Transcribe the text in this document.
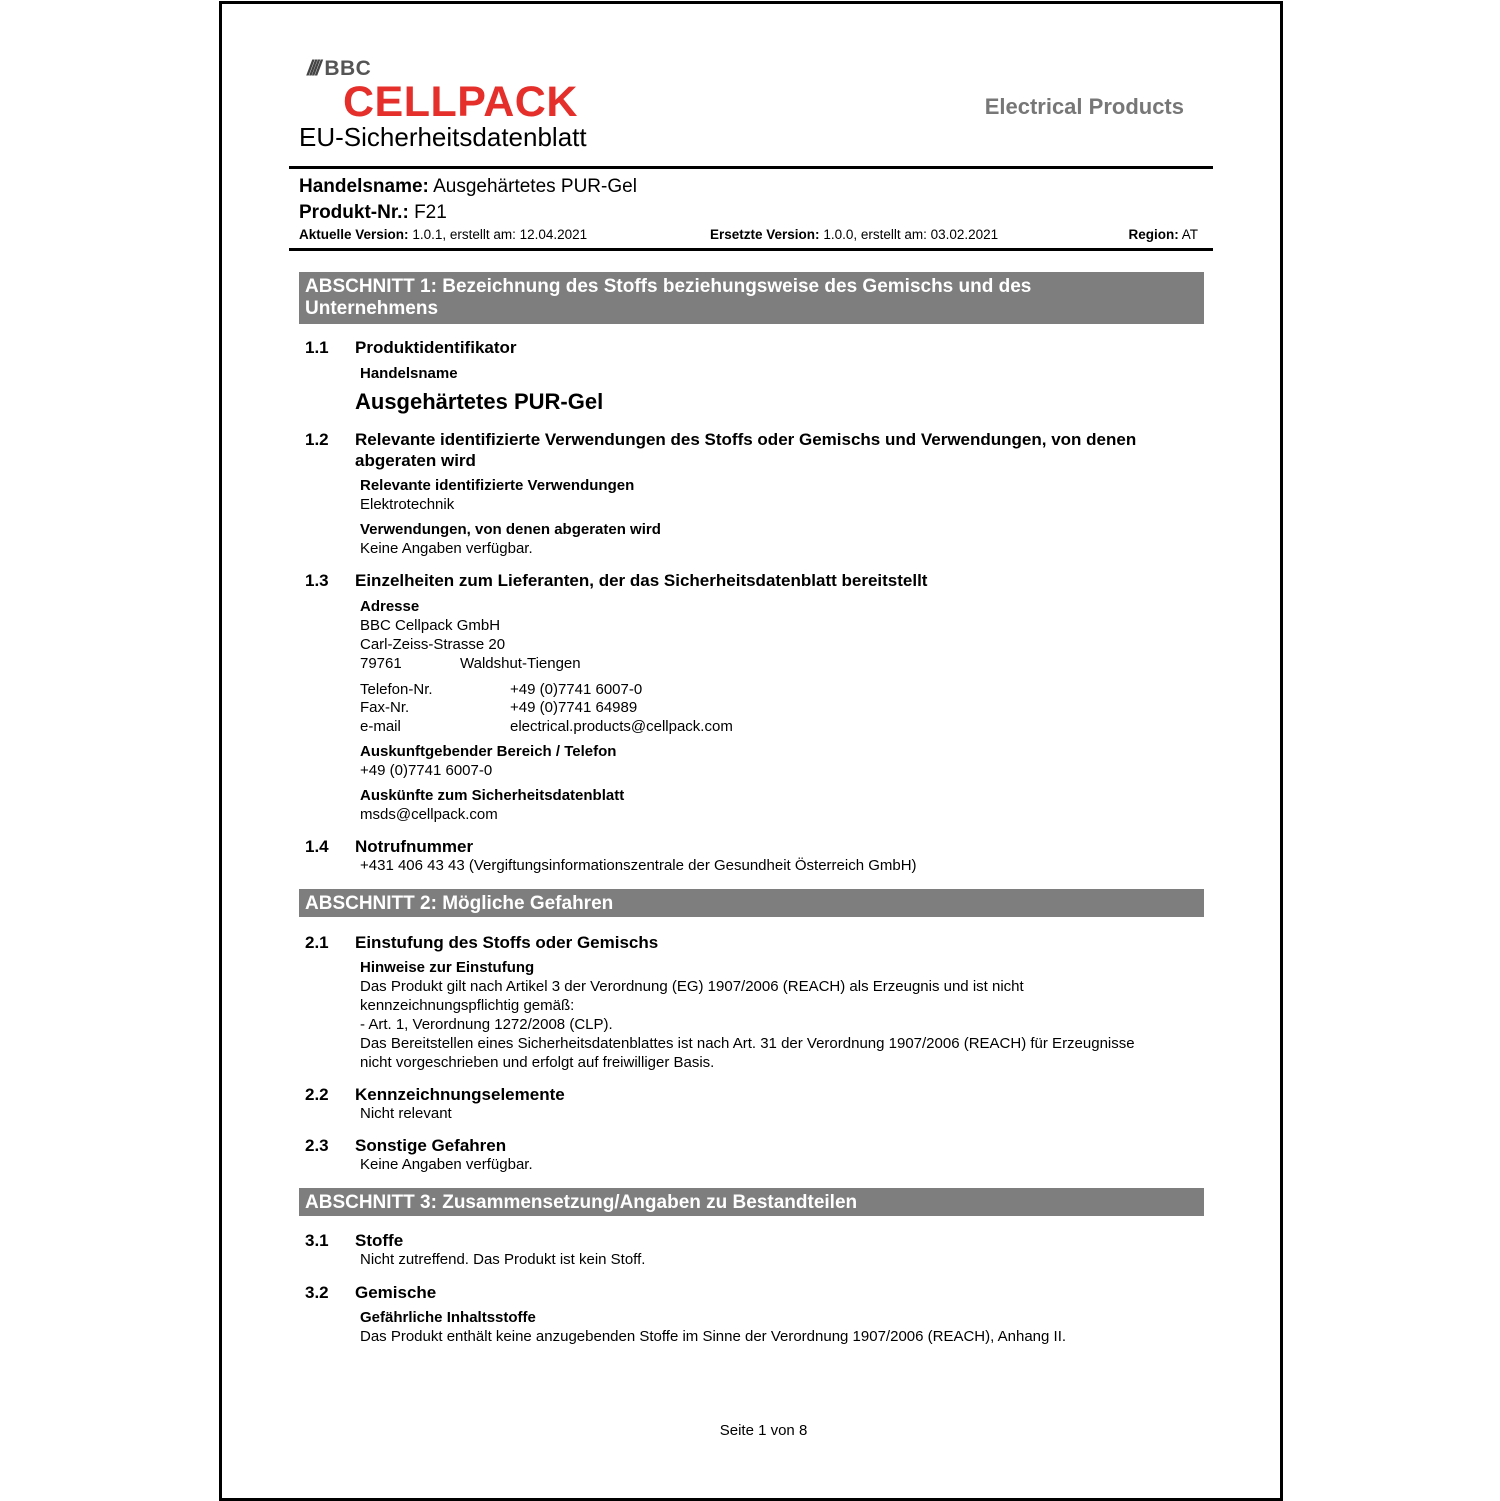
//// BBC
CELLPACK
EU-Sicherheitsdatenblatt
Electrical Products
Handelsname: Ausgehärtetes PUR-Gel
Produkt-Nr.: F21
Aktuelle Version: 1.0.1, erstellt am: 12.04.2021	Ersetzte Version: 1.0.0, erstellt am: 03.02.2021	Region: AT
ABSCHNITT 1: Bezeichnung des Stoffs beziehungsweise des Gemischs und des
Unternehmens
1.1 Produktidentifikator
Handelsname
Ausgehärtetes PUR-Gel
1.2 Relevante identifizierte Verwendungen des Stoffs oder Gemischs und Verwendungen, von denen
abgeraten wird
Relevante identifizierte Verwendungen
Elektrotechnik
Verwendungen, von denen abgeraten wird
Keine Angaben verfügbar.
1.3 Einzelheiten zum Lieferanten, der das Sicherheitsdatenblatt bereitstellt
Adresse
BBC Cellpack GmbH
Carl-Zeiss-Strasse 20
79761	Waldshut-Tiengen
Telefon-Nr.	+49 (0)7741 6007-0
Fax-Nr.	+49 (0)7741 64989
e-mail	electrical.products@cellpack.com
Auskunftgebender Bereich / Telefon
+49 (0)7741 6007-0
Auskünfte zum Sicherheitsdatenblatt
msds@cellpack.com
1.4 Notrufnummer
+431 406 43 43 (Vergiftungsinformationszentrale der Gesundheit Österreich GmbH)
ABSCHNITT 2: Mögliche Gefahren
2.1 Einstufung des Stoffs oder Gemischs
Hinweise zur Einstufung
Das Produkt gilt nach Artikel 3 der Verordnung (EG) 1907/2006 (REACH) als Erzeugnis und ist nicht
kennzeichnungspflichtig gemäß:
- Art. 1, Verordnung 1272/2008 (CLP).
Das Bereitstellen eines Sicherheitsdatenblattes ist nach Art. 31 der Verordnung 1907/2006 (REACH) für Erzeugnisse
nicht vorgeschrieben und erfolgt auf freiwilliger Basis.
2.2 Kennzeichnungselemente
Nicht relevant
2.3 Sonstige Gefahren
Keine Angaben verfügbar.
ABSCHNITT 3: Zusammensetzung/Angaben zu Bestandteilen
3.1 Stoffe
Nicht zutreffend. Das Produkt ist kein Stoff.
3.2 Gemische
Gefährliche Inhaltsstoffe
Das Produkt enthält keine anzugebenden Stoffe im Sinne der Verordnung 1907/2006 (REACH), Anhang II.
Seite 1 von 8
